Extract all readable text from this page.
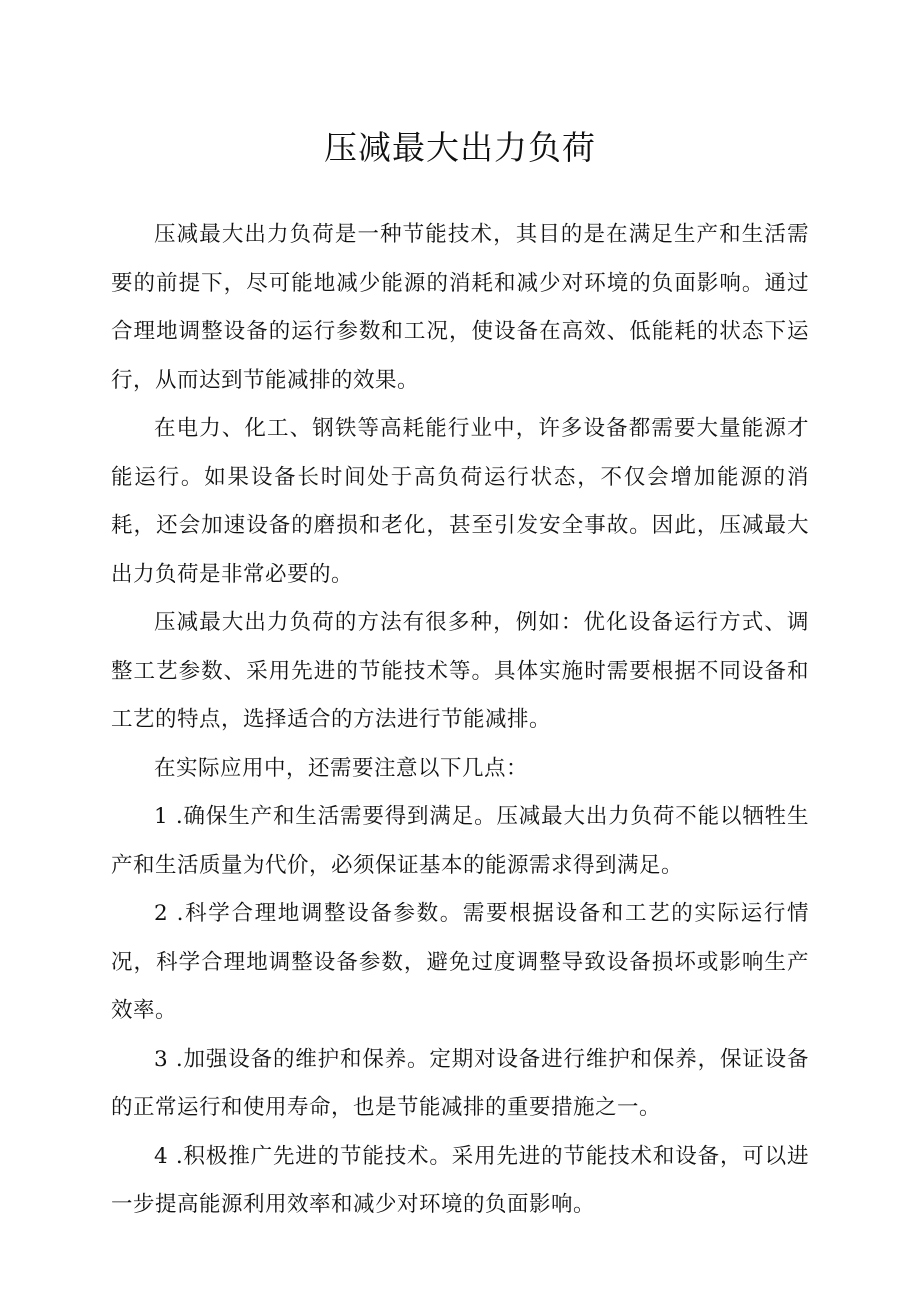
压减最大出力负荷

压减最大出力负荷是一种节能技术，其目的是在满足生产和生活需要的前提下，尽可能地减少能源的消耗和减少对环境的负面影响。通过合理地调整设备的运行参数和工况，使设备在高效、低能耗的状态下运行，从而达到节能减排的效果。

在电力、化工、钢铁等高耗能行业中，许多设备都需要大量能源才能运行。如果设备长时间处于高负荷运行状态，不仅会增加能源的消耗，还会加速设备的磨损和老化，甚至引发安全事故。因此，压减最大出力负荷是非常必要的。

压减最大出力负荷的方法有很多种，例如：优化设备运行方式、调整工艺参数、采用先进的节能技术等。具体实施时需要根据不同设备和工艺的特点，选择适合的方法进行节能减排。

在实际应用中，还需要注意以下几点：

1 .确保生产和生活需要得到满足。压减最大出力负荷不能以牺牲生产和生活质量为代价，必须保证基本的能源需求得到满足。

2 .科学合理地调整设备参数。需要根据设备和工艺的实际运行情况，科学合理地调整设备参数，避免过度调整导致设备损坏或影响生产效率。

3 .加强设备的维护和保养。定期对设备进行维护和保养，保证设备的正常运行和使用寿命，也是节能减排的重要措施之一。

4 .积极推广先进的节能技术。采用先进的节能技术和设备，可以进一步提高能源利用效率和减少对环境的负面影响。
